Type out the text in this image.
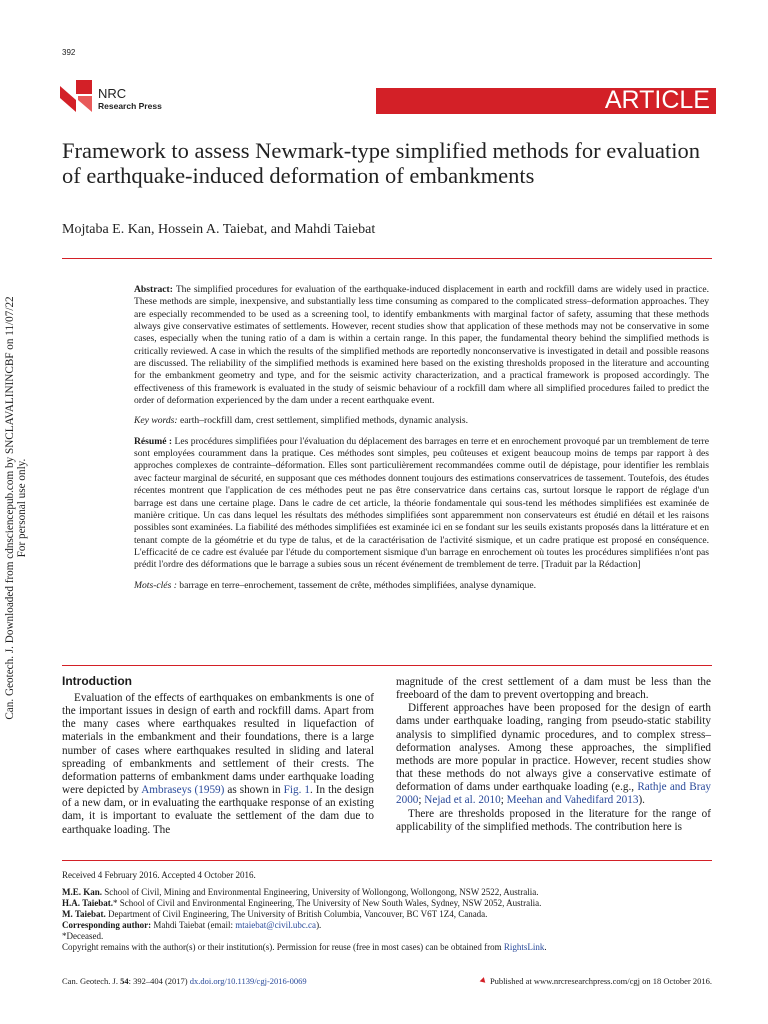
392
NRC
Research Press	ARTICLE
Framework to assess Newmark-type simplified methods for evaluation of earthquake-induced deformation of embankments
Mojtaba E. Kan, Hossein A. Taiebat, and Mahdi Taiebat
Can. Geotech. J. Downloaded from cdnsciencepub.com by SNCLAVALININCBF on 11/07/22 For personal use only.

Abstract: The simplified procedures for evaluation of the earthquake-induced displacement in earth and rockfill dams are widely used in practice. These methods are simple, inexpensive, and substantially less time consuming as compared to the complicated stress–deformation approaches. They are especially recommended to be used as a screening tool, to identify embankments with marginal factor of safety, assuming that these methods always give conservative estimates of settlements. However, recent studies show that application of these methods may not be conservative in some cases, especially when the tuning ratio of a dam is within a certain range. In this paper, the fundamental theory behind the simplified methods is critically reviewed. A case in which the results of the simplified methods are reportedly nonconservative is investigated in detail and possible reasons are discussed. The reliability of the simplified methods is examined here based on the existing thresholds proposed in the literature and accounting for the embankment geometry and type, and for the seismic activity characterization, and a practical framework is proposed accordingly. The effectiveness of this framework is evaluated in the study of seismic behaviour of a rockfill dam where all simplified procedures failed to predict the order of deformation experienced by the dam under a recent earthquake event.

Key words: earth–rockfill dam, crest settlement, simplified methods, dynamic analysis.

Résumé : Les procédures simplifiées pour l'évaluation du déplacement des barrages en terre et en enrochement provoqué par un tremblement de terre sont employées couramment dans la pratique. Ces méthodes sont simples, peu coûteuses et exigent beaucoup moins de temps par rapport à des approches complexes de contrainte–déformation. Elles sont particulièrement recommandées comme outil de dépistage, pour identifier les remblais avec facteur marginal de sécurité, en supposant que ces méthodes donnent toujours des estimations conservatrices de tassement. Toutefois, des études récentes montrent que l'application de ces méthodes peut ne pas être conservatrice dans certains cas, surtout lorsque le rapport de réglage d'un barrage est dans une certaine plage. Dans le cadre de cet article, la théorie fondamentale qui sous-tend les méthodes simplifiées est examinée de manière critique. Un cas dans lequel les résultats des méthodes simplifiées sont apparemment non conservateurs est étudié en détail et les raisons possibles sont examinées. La fiabilité des méthodes simplifiées est examinée ici en se fondant sur les seuils existants proposés dans la littérature et en tenant compte de la géométrie et du type de talus, et de la caractérisation de l'activité sismique, et un cadre pratique est proposé en conséquence. L'efficacité de ce cadre est évaluée par l'étude du comportement sismique d'un barrage en enrochement où toutes les procédures simplifiées n'ont pas prédit l'ordre des déformations que le barrage a subies sous un récent événement de tremblement de terre. [Traduit par la Rédaction]

Mots-clés : barrage en terre–enrochement, tassement de crête, méthodes simplifiées, analyse dynamique.

Introduction

Evaluation of the effects of earthquakes on embankments is one of the important issues in design of earth and rockfill dams. Apart from the many cases where earthquakes resulted in liquefaction of materials in the embankment and their foundations, there is a large number of cases where earthquakes resulted in sliding and lateral spreading of embankments and settlement of their crests. The deformation patterns of embankment dams under earthquake loading were depicted by Ambraseys (1959) as shown in Fig. 1. In the design of a new dam, or in evaluating the earthquake response of an existing dam, it is important to evaluate the settlement of the dam due to earthquake loading. The

magnitude of the crest settlement of a dam must be less than the freeboard of the dam to prevent overtopping and breach.

Different approaches have been proposed for the design of earth dams under earthquake loading, ranging from pseudo-static stability analysis to simplified dynamic procedures, and to complex stress–deformation analyses. Among these approaches, the simplified methods are more popular in practice. However, recent studies show that these methods do not always give a conservative estimate of deformation of dams under earthquake loading (e.g., Rathje and Bray 2000; Nejad et al. 2010; Meehan and Vahedifard 2013).

There are thresholds proposed in the literature for the range of applicability of the simplified methods. The contribution here is

Received 4 February 2016. Accepted 4 October 2016.

M.E. Kan. School of Civil, Mining and Environmental Engineering, University of Wollongong, Wollongong, NSW 2522, Australia.

H.A. Taiebat.* School of Civil and Environmental Engineering, The University of New South Wales, Sydney, NSW 2052, Australia.

M. Taiebat. Department of Civil Engineering, The University of British Columbia, Vancouver, BC V6T 1Z4, Canada.

Corresponding author: Mahdi Taiebat (email: mtaiebat@civil.ubc.ca).

*Deceased.

Copyright remains with the author(s) or their institution(s). Permission for reuse (free in most cases) can be obtained from RightsLink.

Can. Geotech. J. 54: 392–404 (2017) dx.doi.org/10.1139/cgj-2016-0069	Published at www.nrcresearchpress.com/cgj on 18 October 2016.
